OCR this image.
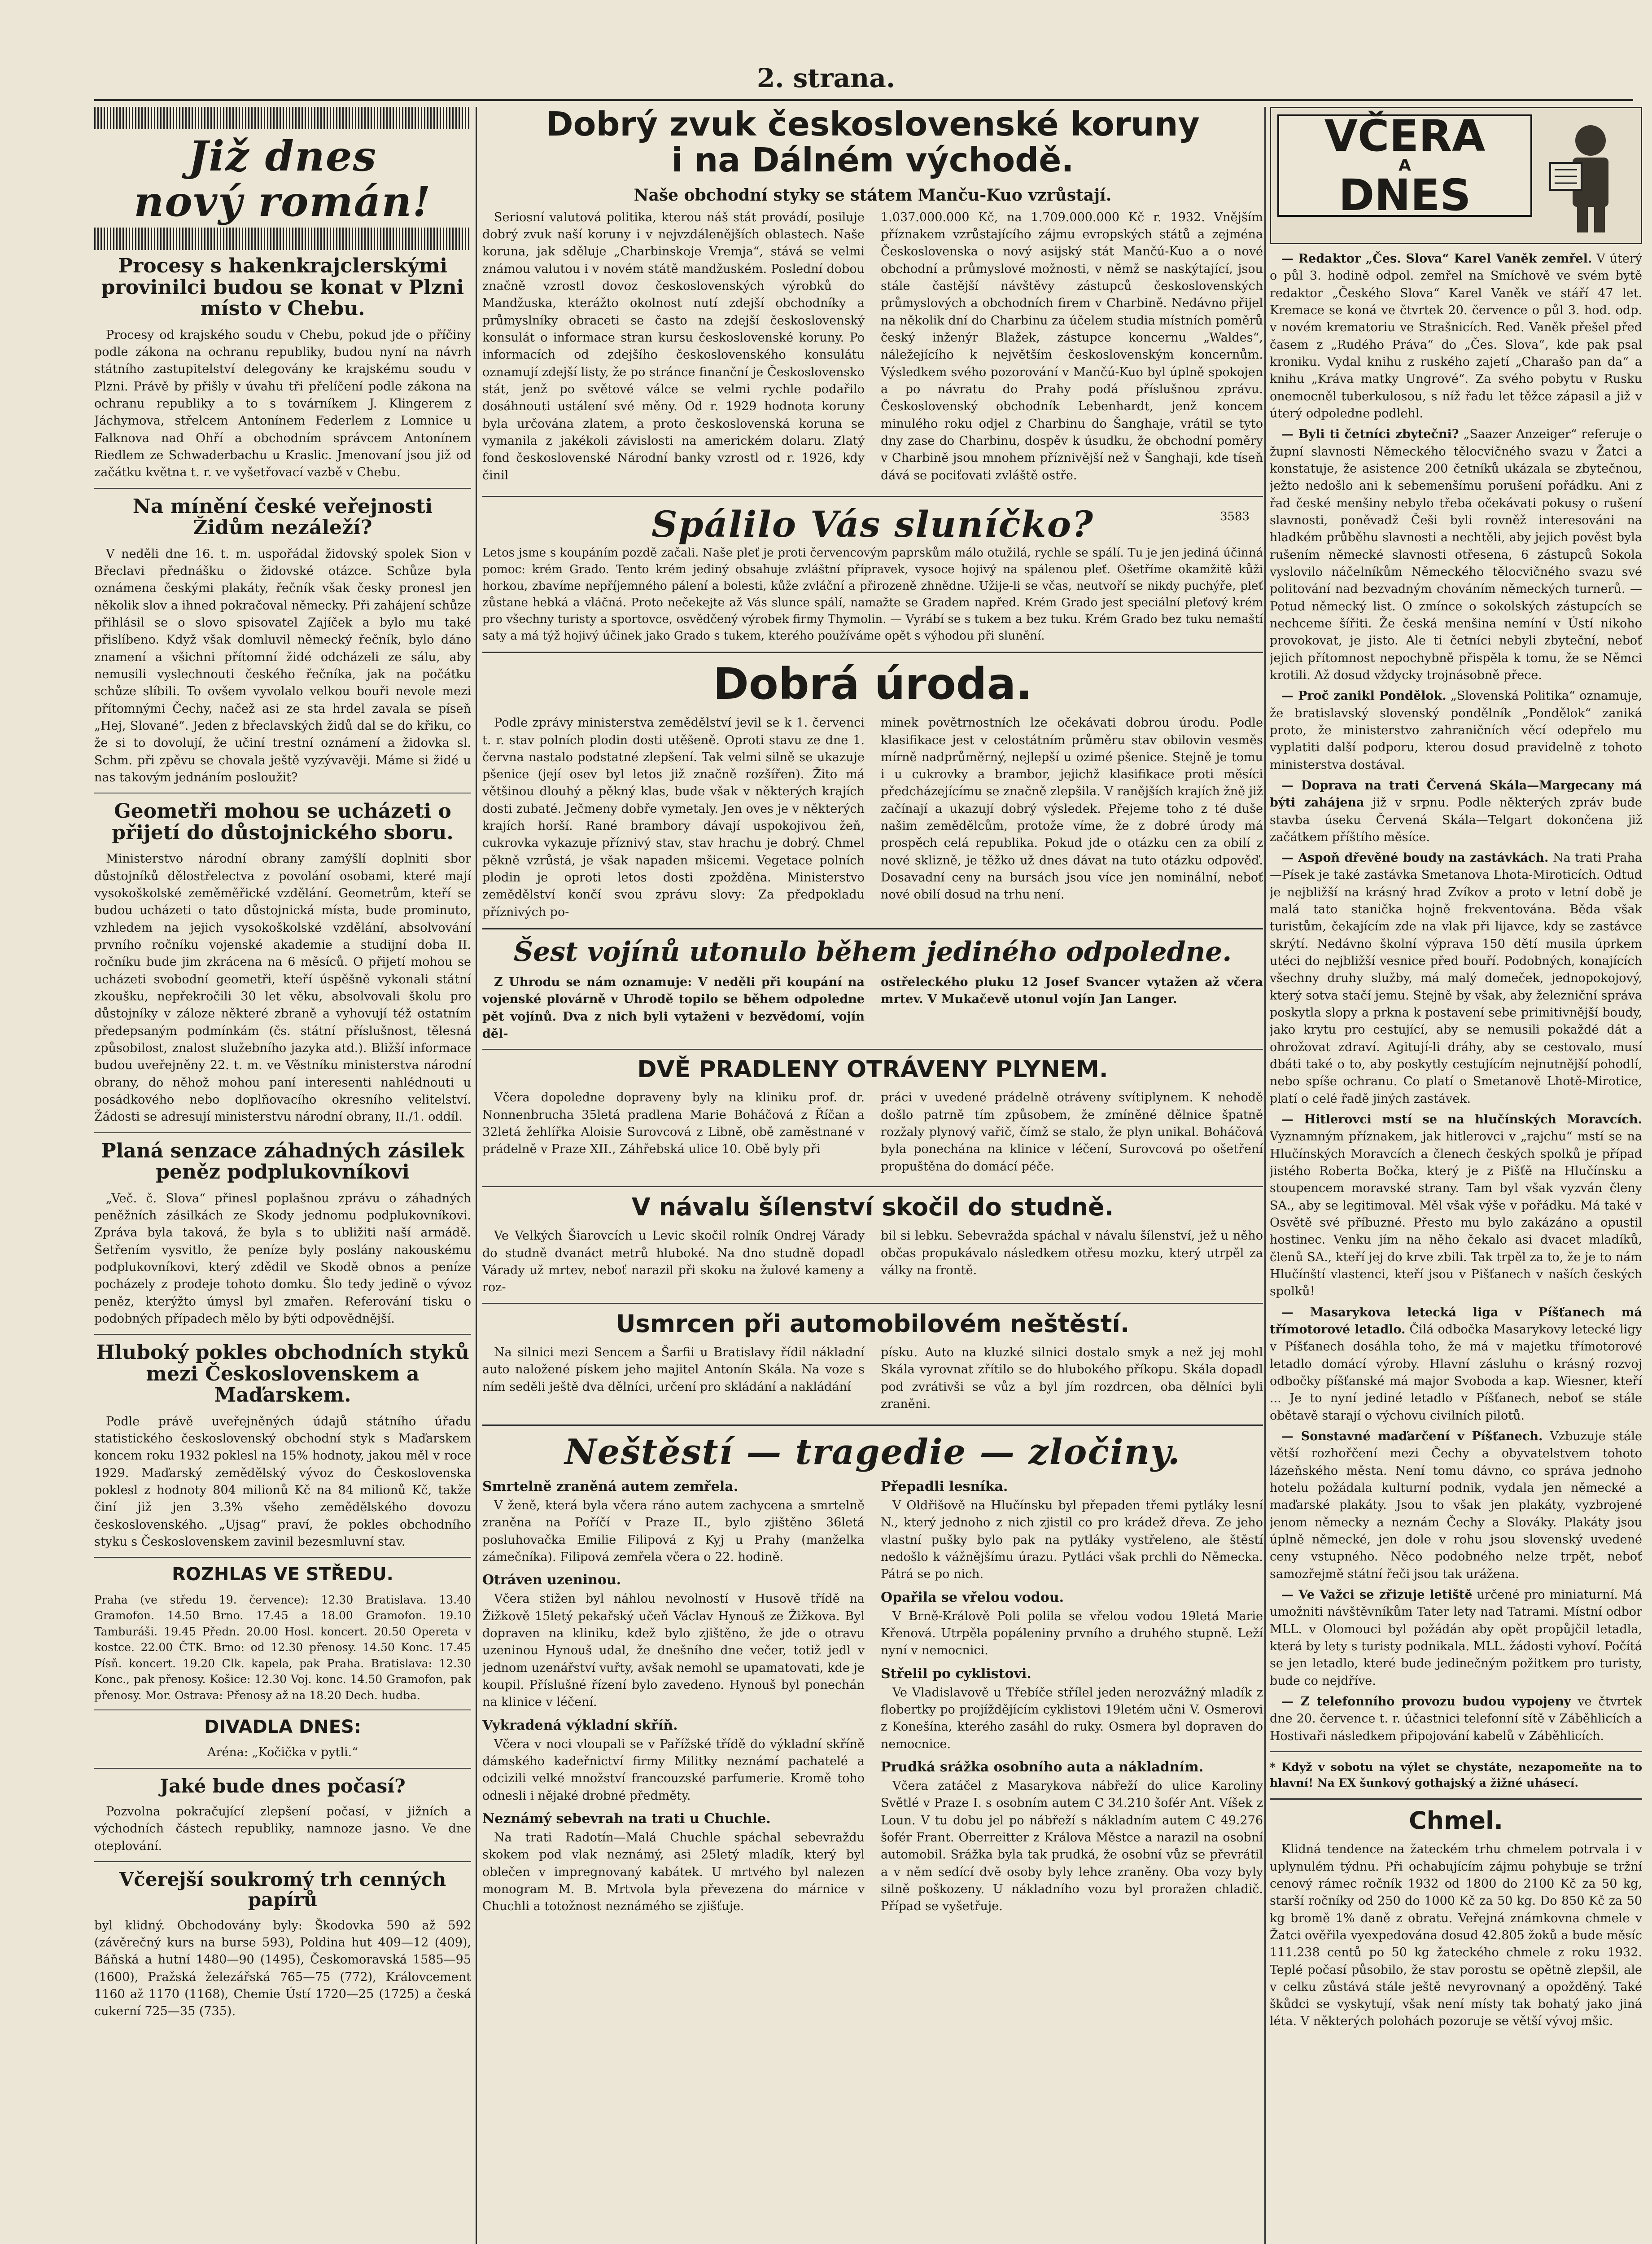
2. strana.
Již dnes
nový román!
Procesy s hakenkrajclerskými provinilci budou se konat v Plzni místo v Chebu.

Procesy od krajského soudu v Chebu, pokud jde o příčiny podle zákona na ochranu republiky, budou nyní na návrh státního zastupitelství delegovány ke krajskému soudu v Plzni. Právě by přišly v úvahu tři přelíčení podle zákona na ochranu republiky a to s továrníkem J. Klingerem z Jáchymova, střelcem Antonínem Federlem z Lomnice u Falknova nad Ohří a obchodním správcem Antonínem Riedlem ze Schwaderbachu u Kraslic. Jmenovaní jsou již od začátku května t. r. ve vyšetřovací vazbě v Chebu.

Na mínění české veřejnosti Židům nezáleží?

V neděli dne 16. t. m. uspořádal židovský spolek Sion v Břeclavi přednášku o židovské otázce. Schůze byla oznámena českými plakáty, řečník však česky pronesl jen několik slov a ihned pokračoval německy. Při zahájení schůze přihlásil se o slovo spisovatel Zajíček a bylo mu také přislíbeno. Když však domluvil německý řečník, bylo dáno znamení a všichni přítomní židé odcházeli ze sálu, aby nemusili vyslechnouti českého řečníka, jak na počátku schůze slíbili. To ovšem vyvolalo velkou bouři nevole mezi přítomnými Čechy, načež asi ze sta hrdel zavala se píseň „Hej, Slované“. Jeden z břeclavských židů dal se do křiku, co že si to dovolují, že učiní trestní oznámení a židovka sl. Schm. při zpěvu se chovala ještě vyzývavěji. Máme si židé u nas takovým jednáním posloužit?

Geometři mohou se ucházeti o přijetí do důstojnického sboru.

Ministerstvo národní obrany zamýšlí doplniti sbor důstojníků dělostřelectva z povolání osobami, které mají vysokoškolské zeměměřické vzdělání. Geometrům, kteří se budou ucházeti o tato důstojnická místa, bude prominuto, vzhledem na jejich vysokoškolské vzdělání, absolvování prvního ročníku vojenské akademie a studijní doba II. ročníku bude jim zkrácena na 6 měsíců. O přijetí mohou se ucházeti svobodní geometři, kteří úspěšně vykonali státní zkoušku, nepřekročili 30 let věku, absolvovali školu pro důstojníky v záloze některé zbraně a vyhovují též ostatním předepsaným podmínkám (čs. státní příslušnost, tělesná způsobilost, znalost služebního jazyka atd.). Bližší informace budou uveřejněny 22. t. m. ve Věstníku ministerstva národní obrany, do něhož mohou paní interesenti nahlédnouti u posádkového nebo doplňovacího okresního velitelství. Žádosti se adresují ministerstvu národní obrany, II./1. oddíl.

Planá senzace záhadných zásilek peněz podplukovníkovi

„Več. č. Slova“ přinesl poplašnou zprávu o záhadných peněžních zásilkách ze Skody jednomu podplukovníkovi. Zpráva byla taková, že byla s to ubližiti naší armádě. Šetřením vysvitlo, že peníze byly poslány nakouskému podplukovníkovi, který zdědil ve Skodě obnos a peníze pocházely z prodeje tohoto domku. Šlo tedy jedině o vývoz peněz, kterýžto úmysl byl zmařen. Referování tisku o podobných případech mělo by býti odpovědnější.

Hluboký pokles obchodních styků mezi Československem a Maďarskem.

Podle právě uveřejněných údajů státního úřadu statistického československý obchodní styk s Maďarskem koncem roku 1932 poklesl na 15% hodnoty, jakou měl v roce 1929. Maďarský zemědělský vývoz do Československa poklesl z hodnoty 804 milionů Kč na 84 milionů Kč, takže činí již jen 3.3% všeho zemědělského dovozu československého. „Ujsag“ praví, že pokles obchodního styku s Československem zavinil bezesmluvní stav.

ROZHLAS VE STŘEDU.

Praha (ve středu 19. července): 12.30 Bratislava. 13.40 Gramofon. 14.50 Brno. 17.45 a 18.00 Gramofon. 19.10 Tamburáši. 19.45 Předn. 20.00 Hosl. koncert. 20.50 Opereta v kostce. 22.00 ČTK. Brno: od 12.30 přenosy. 14.50 Konc. 17.45 Písň. koncert. 19.20 Clk. kapela, pak Praha. Bratislava: 12.30 Konc., pak přenosy. Košice: 12.30 Voj. konc. 14.50 Gramofon, pak přenosy. Mor. Ostrava: Přenosy až na 18.20 Dech. hudba.

DIVADLA DNES:

Aréna: „Kočička v pytli.“

Jaké bude dnes počasí?

Pozvolna pokračující zlepšení počasí, v jižních a východních částech republiky, namnoze jasno. Ve dne oteplování.

Včerejší soukromý trh cenných papírů

byl klidný. Obchodovány byly: Škodovka 590 až 592 (závěrečný kurs na burse 593), Poldina hut 409—12 (409), Báňská a hutní 1480—90 (1495), Českomoravská 1585—95 (1600), Pražská železářská 765—75 (772), Královcement 1160 až 1170 (1168), Chemie Ústí 1720—25 (1725) a česká cukerní 725—35 (735).

Dobrý zvuk československé koruny
i na Dálném východě.
Naše obchodní styky se státem Manču-Kuo vzrůstají.

Seriosní valutová politika, kterou náš stát provádí, posiluje dobrý zvuk naší koruny i v nejvzdálenějších oblastech. Naše koruna, jak sděluje „Charbinskoje Vremja“, stává se velmi známou valutou i v novém státě mandžuském. Poslední dobou značně vzrostl dovoz československých výrobků do Mandžuska, kterážto okolnost nutí zdejší obchodníky a průmyslníky obraceti se často na zdejší československý konsulát o informace stran kursu československé koruny. Po informacích od zdejšího československého konsulátu oznamují zdejší listy, že po stránce finanční je Československo stát, jenž po světové válce se velmi rychle podařilo dosáhnouti ustálení své měny. Od r. 1929 hodnota koruny byla určována zlatem, a proto československá koruna se vymanila z jakékoli závislosti na americkém dolaru. Zlatý fond československé Národní banky vzrostl od r. 1926, kdy činil

1.037.000.000 Kč, na 1.709.000.000 Kč r. 1932. Vnějším příznakem vzrůstajícího zájmu evropských států a zejména Československa o nový asijský stát Mančú-Kuo a o nové obchodní a průmyslové možnosti, v němž se naskýtající, jsou stále častější návštěvy zástupců československých průmyslových a obchodních firem v Charbině. Nedávno přijel na několik dní do Charbinu za účelem studia místních poměrů český inženýr Blažek, zástupce koncernu „Waldes“, náležejícího k největším československým koncernům. Výsledkem svého pozorování v Mančú-Kuo byl úplně spokojen a po návratu do Prahy podá příslušnou zprávu. Československý obchodník Lebenhardt, jenž koncem minulého roku odjel z Charbinu do Šanghaje, vrátil se tyto dny zase do Charbinu, dospěv k úsudku, že obchodní poměry v Charbině jsou mnohem příznivější než v Šanghaji, kde tíseň dává se pociťovati zvláště ostře.

Spálilo Vás sluníčko?	3583

Letos jsme s koupáním pozdě začali. Naše pleť je proti červencovým paprskům málo otužilá, rychle se spálí. Tu je jen jediná účinná pomoc: krém Grado. Tento krém jediný obsahuje zvláštní přípravek, vysoce hojivý na spálenou pleť. Ošetříme okamžitě kůži horkou, zbavíme nepříjemného pálení a bolesti, kůže zvláční a přirozeně zhnědne. Užije-li se včas, neutvoří se nikdy puchýře, pleť zůstane hebká a vláčná. Proto nečekejte až Vás slunce spálí, namažte se Gradem napřed. Krém Grado jest speciální pleťový krém pro všechny turisty a sportovce, osvědčený výrobek firmy Thymolin. — Vyrábí se s tukem a bez tuku. Krém Grado bez tuku nemaští saty a má týž hojivý účinek jako Grado s tukem, kterého používáme opět s výhodou při slunění.

Dobrá úroda.

Podle zprávy ministerstva zemědělství jevil se k 1. červenci t. r. stav polních plodin dosti utěšeně. Oproti stavu ze dne 1. června nastalo podstatné zlepšení. Tak velmi silně se ukazuje pšenice (její osev byl letos již značně rozšířen). Žito má většinou dlouhý a pěkný klas, bude však v některých krajích dosti zubaté. Ječmeny dobře vymetaly. Jen oves je v některých krajích horší. Rané brambory dávají uspokojivou žeň, cukrovka vykazuje příznivý stav, stav hrachu je dobrý. Chmel pěkně vzrůstá, je však napaden mšicemi. Vegetace polních plodin je oproti letos dosti zpožděna. Ministerstvo zemědělství končí svou zprávu slovy: Za předpokladu příznivých po-

minek povětrnostních lze očekávati dobrou úrodu. Podle klasifikace jest v celostátním průměru stav obilovin vesměs mírně nadprůměrný, nejlepší u ozimé pšenice. Stejně je tomu i u cukrovky a brambor, jejichž klasifikace proti měsíci předcházejícímu se značně zlepšila. V ranějších krajích žně již začínají a ukazují dobrý výsledek. Přejeme toho z té duše našim zemědělcům, protože víme, že z dobré úrody má prospěch celá republika. Pokud jde o otázku cen za obilí z nové sklizně, je těžko už dnes dávat na tuto otázku odpověď. Dosavadní ceny na bursách jsou více jen nominální, neboť nové obilí dosud na trhu není.

Šest vojínů utonulo během jediného odpoledne.

Z Uhrodu se nám oznamuje: V neděli při koupání na vojenské plovárně v Uhrodě topilo se během odpoledne pět vojínů. Dva z nich byli vytaženi v bezvědomí, vojín děl-

ostřeleckého pluku 12 Josef Svancer vytažen až včera mrtev. V Mukačevě utonul vojín Jan Langer.

DVĚ PRADLENY OTRÁVENY PLYNEM.

Včera dopoledne dopraveny byly na kliniku prof. dr. Nonnenbrucha 35letá pradlena Marie Boháčová z Říčan a 32letá žehlířka Aloisie Surovcová z Libně, obě zaměstnané v prádelně v Praze XII., Záhřebská ulice 10. Obě byly při

práci v uvedené prádelně otráveny svítiplynem. K nehodě došlo patrně tím způsobem, že zmíněné dělnice špatně rozžaly plynový vařič, čímž se stalo, že plyn unikal. Boháčová byla ponechána na klinice v léčení, Surovcová po ošetření propuštěna do domácí péče.

V návalu šílenství skočil do studně.

Ve Velkých Šiarovcích u Levic skočil rolník Ondrej Várady do studně dvanáct metrů hluboké. Na dno studně dopadl Várady už mrtev, neboť narazil při skoku na žulové kameny a roz-

bil si lebku. Sebevražda spáchal v návalu šílenství, jež u něho občas propukávalo následkem otřesu mozku, který utrpěl za války na frontě.

Usmrcen při automobilovém neštěstí.

Na silnici mezi Sencem a Šarfii u Bratislavy řídil nákladní auto naložené pískem jeho majitel Antonín Skála. Na voze s ním seděli ještě dva dělníci, určení pro skládání a nakládání

písku. Auto na kluzké silnici dostalo smyk a než jej mohl Skála vyrovnat zřítilo se do hlubokého příkopu. Skála dopadl pod zvrátivši se vůz a byl jím rozdrcen, oba dělníci byli zraněni.

Neštěstí — tragedie — zločiny.
Smrtelně zraněná autem zemřela.

V ženě, která byla včera ráno autem zachycena a smrtelně zraněna na Poříčí v Praze II., bylo zjištěno 36letá posluhovačka Emilie Filipová z Kyj u Prahy (manželka zámečníka). Filipová zemřela včera o 22. hodině.

Otráven uzeninou.

Včera stižen byl náhlou nevolností v Husově třídě na Žižkově 15letý pekařský učeň Václav Hynouš ze Žižkova. Byl dopraven na kliniku, kdež bylo zjištěno, že jde o otravu uzeninou Hynouš udal, že dnešního dne večer, totiž jedl v jednom uzenářství vuřty, avšak nemohl se upamatovati, kde je koupil. Příslušné řízení bylo zavedeno. Hynouš byl ponechán na klinice v léčení.

Vykradená výkladní skříň.

Včera v noci vloupali se v Pařížské třídě do výkladní skříně dámského kadeřnictví firmy Militky neznámí pachatelé a odcizili velké množství francouzské parfumerie. Kromě toho odnesli i nějaké drobné předměty.

Neznámý sebevrah na trati u Chuchle.

Na trati Radotín—Malá Chuchle spáchal sebevraždu skokem pod vlak neznámý, asi 25letý mladík, který byl oblečen v impregnovaný kabátek. U mrtvého byl nalezen monogram M. B. Mrtvola byla převezena do márnice v Chuchli a totožnost neznámého se zjišťuje.

Přepadli lesníka.

V Oldřišově na Hlučínsku byl přepaden třemi pytláky lesní N., který jednoho z nich zjistil co pro krádež dřeva. Ze jeho vlastní pušky bylo pak na pytláky vystřeleno, ale štěstí nedošlo k vážnějšímu úrazu. Pytláci však prchli do Německa. Pátrá se po nich.

Opařila se vřelou vodou.

V Brně-Králově Poli polila se vřelou vodou 19letá Marie Křenová. Utrpěla popáleniny prvního a druhého stupně. Leží nyní v nemocnici.

Střelil po cyklistovi.

Ve Vladislavově u Třebíče střílel jeden nerozvážný mladík z flobertky po projíždějícím cyklistovi 19letém učni V. Osmerovi z Konešína, kterého zasáhl do ruky. Osmera byl dopraven do nemocnice.

Prudká srážka osobního auta a nákladním.

Včera zatáčel z Masarykova nábřeží do ulice Karoliny Světlé v Praze I. s osobním autem C 34.210 šofér Ant. Víšek z Loun. V tu dobu jel po nábřeží s nákladním autem C 49.276 šofér Frant. Oberreitter z Králova Městce a narazil na osobní automobil. Srážka byla tak prudká, že osobní vůz se převrátil a v něm sedící dvě osoby byly lehce zraněny. Oba vozy byly silně poškozeny. U nákladního vozu byl proražen chladič. Případ se vyšetřuje.

VČERA
A
DNES

— Redaktor „Čes. Slova“ Karel Vaněk zemřel. V úterý o půl 3. hodině odpol. zemřel na Smíchově ve svém bytě redaktor „Českého Slova“ Karel Vaněk ve stáří 47 let. Kremace se koná ve čtvrtek 20. července o půl 3. hod. odp. v novém krematoriu ve Strašnicích. Red. Vaněk přešel před časem z „Rudého Práva“ do „Čes. Slova“, kde pak psal kroniku. Vydal knihu z ruského zajetí „Charašo pan da“ a knihu „Kráva matky Ungrové“. Za svého pobytu v Rusku onemocněl tuberkulosou, s níž řadu let těžce zápasil a již v úterý odpoledne podlehl.

— Byli ti četníci zbytečni? „Saazer Anzeiger“ referuje o župní slavnosti Německého tělocvičného svazu v Žatci a konstatuje, že asistence 200 četníků ukázala se zbytečnou, ježto nedošlo ani k sebemenšímu porušení pořádku. Ani z řad české menšiny nebylo třeba očekávati pokusy o rušení slavnosti, poněvadž Češi byli rovněž interesováni na hladkém průběhu slavnosti a nechtěli, aby jejich pověst byla rušením německé slavnosti otřesena, 6 zástupců Sokola vyslovilo náčelníkům Německého tělocvičného svazu své politování nad bezvadným chováním německých turnerů. — Potud německý list. O zmínce o sokolských zástupcích se nechceme šířiti. Že česká menšina nemíní v Ústí nikoho provokovat, je jisto. Ale ti četníci nebyli zbyteční, neboť jejich přítomnost nepochybně přispěla k tomu, že se Němci krotili. Až dosud vždycky trojnásobně přece.

— Proč zanikl Pondělok. „Slovenská Politika“ oznamuje, že bratislavský slovenský pondělník „Pondělok“ zaniká proto, že ministerstvo zahraničních věcí odepřelo mu vyplatiti další podporu, kterou dosud pravidelně z tohoto ministerstva dostával.

— Doprava na trati Červená Skála—Margecany má býti zahájena již v srpnu. Podle některých zpráv bude stavba úseku Červená Skála—Telgart dokončena již začátkem příštího měsíce.

— Aspoň dřevěné boudy na zastávkách. Na trati Praha—Písek je také zastávka Smetanova Lhota-Miroticích. Odtud je nejbližší na krásný hrad Zvíkov a proto v letní době je malá tato stanička hojně frekventována. Běda však turistům, čekajícím zde na vlak při lijavce, kdy se zastávce skrýtí. Nedávno školní výprava 150 dětí musila úprkem utéci do nejbližší vesnice před bouří. Podobných, konajících všechny druhy služby, má malý domeček, jednopokojový, který sotva stačí jemu. Stejně by však, aby železniční správa poskytla slopy a prkna k postavení sebe primitivnější boudy, jako krytu pro cestující, aby se nemusili pokaždé dát a ohrožovat zdraví. Agitují-li dráhy, aby se cestovalo, musí dbáti také o to, aby poskytly cestujícím nejnutnější pohodlí, nebo spíše ochranu. Co platí o Smetanově Lhotě-Mirotice, platí o celé řadě jiných zastávek.

— Hitlerovci mstí se na hlučínských Moravcích. Vyznamným příznakem, jak hitlerovci v „rajchu“ mstí se na Hlučínských Moravcích a členech českých spolků je případ jistého Roberta Bočka, který je z Pišťě na Hlučínsku a stoupencem moravské strany. Tam byl však vyzván členy SA., aby se legitimoval. Měl však výše v pořádku. Má také v Osvětě své příbuzné. Přesto mu bylo zakázáno a opustil hostinec. Venku jím na něho čekalo asi dvacet mladíků, členů SA., kteří jej do krve zbili. Tak trpěl za to, že je to nám Hlučínští vlastenci, kteří jsou v Pišťanech v naších českých spolků!

— Masarykova letecká liga v Píšťanech má třímotorové letadlo. Čilá odbočka Masarykovy letecké ligy v Píšťanech dosáhla toho, že má v majetku třímotorové letadlo domácí výroby. Hlavní zásluhu o krásný rozvoj odbočky píšťanské má major Svoboda a kap. Wiesner, kteří ... Je to nyní jediné letadlo v Píšťanech, neboť se stále obětavě starají o výchovu civilních pilotů.

— Sonstavné maďarčení v Píšťanech. Vzbuzuje stále větší rozhořčení mezi Čechy a obyvatelstvem tohoto lázeňského města. Není tomu dávno, co správa jednoho hotelu požádala kulturní podnik, vydala jen německé a maďarské plakáty. Jsou to však jen plakáty, vyzbrojené jenom německy a neznám Čechy a Slováky. Plakáty jsou úplně německé, jen dole v rohu jsou slovenský uvedené ceny vstupného. Něco podobného nelze trpět, neboť samozřejmě státní řeči jsou tak urážena.

— Ve Važci se zřizuje letiště určené pro miniaturní. Má umožniti návštěvníkům Tater lety nad Tatrami. Místní odbor MLL. v Olomouci byl požádán aby opět propůjčil letadla, která by lety s turisty podnikala. MLL. žádosti vyhoví. Počítá se jen letadlo, které bude jedinečným požitkem pro turisty, bude co nejdříve.

— Z telefonního provozu budou vypojeny ve čtvrtek dne 20. července t. r. účastnici telefonní sítě v Záběhlicích a Hostivaři následkem připojování kabelů v Záběhlicích.

* Když v sobotu na výlet se chystáte, nezapomeňte na to hlavní! Na EX šunkový gothajský a žižné uhásecí.

Chmel.

Klidná tendence na žateckém trhu chmelem potrvala i v uplynulém týdnu. Při ochabujícím zájmu pohybuje se tržní cenový rámec ročník 1932 od 1800 do 2100 Kč za 50 kg, starší ročníky od 250 do 1000 Kč za 50 kg. Do 850 Kč za 50 kg bromě 1% daně z obratu. Veřejná známkovna chmele v Žatci ověřila vyexpedována dosud 42.805 žoků a bude měsíc 111.238 centů po 50 kg žateckého chmele z roku 1932. Teplé počasí působilo, že stav porostu se opětně zlepšil, ale v celku zůstává stále ještě nevyrovnaný a opožděný. Také škůdci se vyskytují, však není místy tak bohatý jako jiná léta. V některých polohách pozoruje se větší vývoj mšic.
